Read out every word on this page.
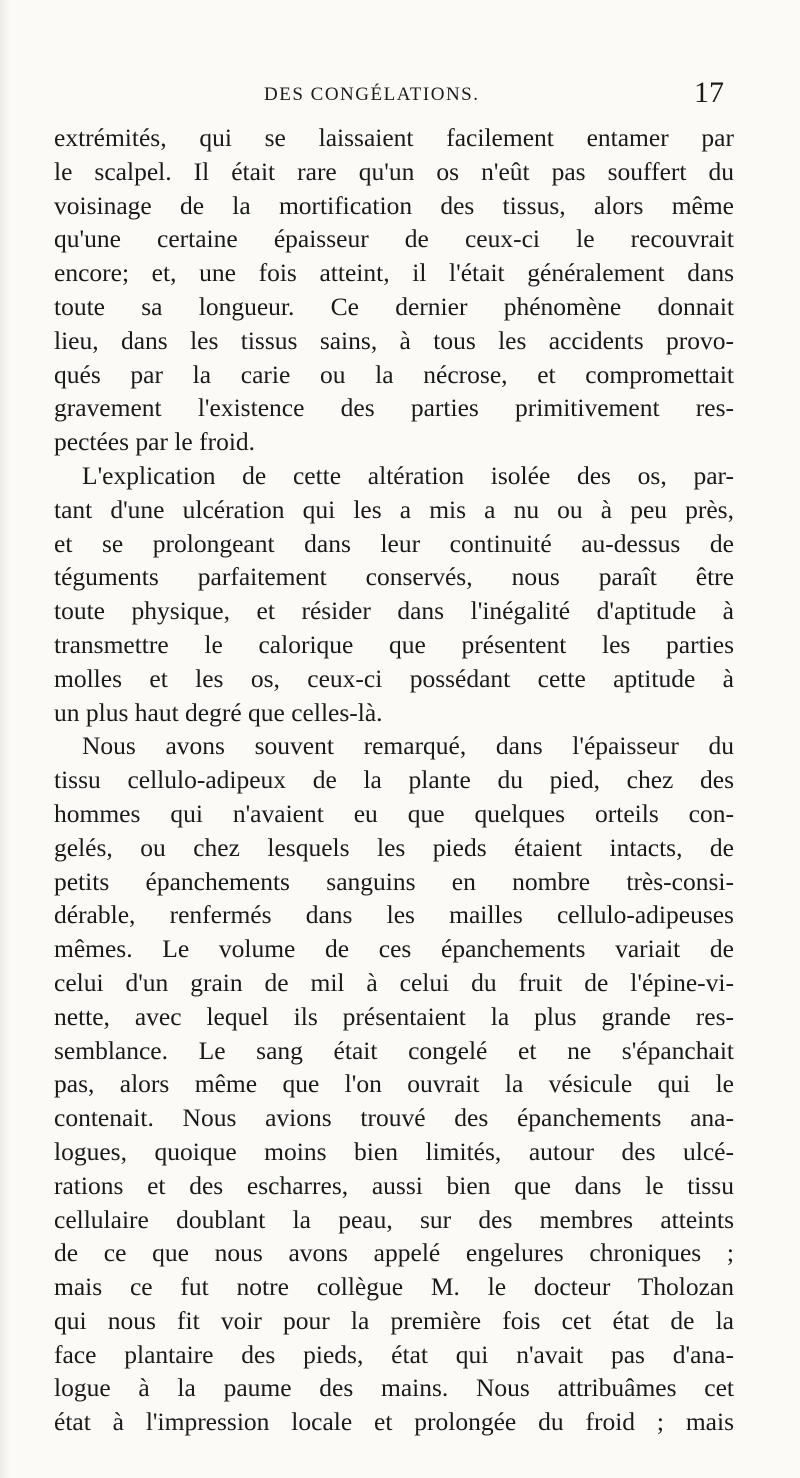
DES CONGÉLATIONS.	17
extrémités, qui se laissaient facilement entamer par
le scalpel. Il était rare qu'un os n'eût pas souffert du
voisinage de la mortification des tissus, alors même
qu'une certaine épaisseur de ceux-ci le recouvrait
encore; et, une fois atteint, il l'était généralement dans
toute sa longueur. Ce dernier phénomène donnait
lieu, dans les tissus sains, à tous les accidents provo-
qués par la carie ou la nécrose, et compromettait
gravement l'existence des parties primitivement res-
pectées par le froid.
L'explication de cette altération isolée des os, par-
tant d'une ulcération qui les a mis a nu ou à peu près,
et se prolongeant dans leur continuité au-dessus de
téguments parfaitement conservés, nous paraît être
toute physique, et résider dans l'inégalité d'aptitude à
transmettre le calorique que présentent les parties
molles et les os, ceux-ci possédant cette aptitude à
un plus haut degré que celles-là.
Nous avons souvent remarqué, dans l'épaisseur du
tissu cellulo-adipeux de la plante du pied, chez des
hommes qui n'avaient eu que quelques orteils con-
gelés, ou chez lesquels les pieds étaient intacts, de
petits épanchements sanguins en nombre très-consi-
dérable, renfermés dans les mailles cellulo-adipeuses
mêmes. Le volume de ces épanchements variait de
celui d'un grain de mil à celui du fruit de l'épine-vi-
nette, avec lequel ils présentaient la plus grande res-
semblance. Le sang était congelé et ne s'épanchait
pas, alors même que l'on ouvrait la vésicule qui le
contenait. Nous avions trouvé des épanchements ana-
logues, quoique moins bien limités, autour des ulcé-
rations et des escharres, aussi bien que dans le tissu
cellulaire doublant la peau, sur des membres atteints
de ce que nous avons appelé engelures chroniques ;
mais ce fut notre collègue M. le docteur Tholozan
qui nous fit voir pour la première fois cet état de la
face plantaire des pieds, état qui n'avait pas d'ana-
logue à la paume des mains. Nous attribuâmes cet
état à l'impression locale et prolongée du froid ; mais
